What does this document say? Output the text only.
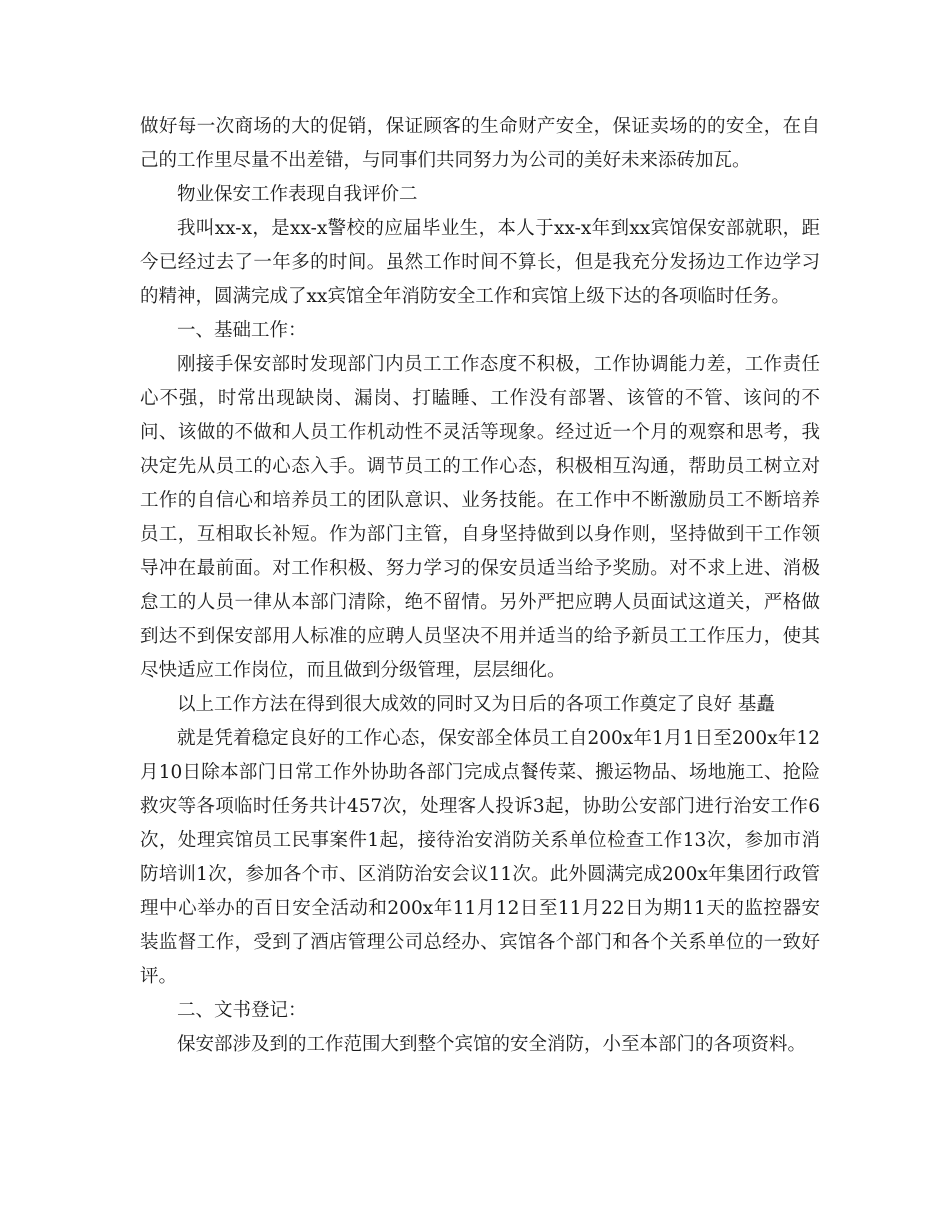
做好每一次商场的大的促销，保证顾客的生命财产安全，保证卖场的的安全，在自己的工作里尽量不出差错，与同事们共同努力为公司的美好未来添砖加瓦。

物业保安工作表现自我评价二

我叫xx-x，是xx-x警校的应届毕业生，本人于xx-x年到xx宾馆保安部就职，距今已经过去了一年多的时间。虽然工作时间不算长，但是我充分发扬边工作边学习的精神，圆满完成了xx宾馆全年消防安全工作和宾馆上级下达的各项临时任务。

一、基础工作：

刚接手保安部时发现部门内员工工作态度不积极，工作协调能力差，工作责任心不强，时常出现缺岗、漏岗、打瞌睡、工作没有部署、该管的不管、该问的不问、该做的不做和人员工作机动性不灵活等现象。经过近一个月的观察和思考，我决定先从员工的心态入手。调节员工的工作心态，积极相互沟通，帮助员工树立对工作的自信心和培养员工的团队意识、业务技能。在工作中不断激励员工不断培养员工，互相取长补短。作为部门主管，自身坚持做到以身作则，坚持做到干工作领导冲在最前面。对工作积极、努力学习的保安员适当给予奖励。对不求上进、消极怠工的人员一律从本部门清除，绝不留情。另外严把应聘人员面试这道关，严格做到达不到保安部用人标准的应聘人员坚决不用并适当的给予新员工工作压力，使其尽快适应工作岗位，而且做到分级管理，层层细化。

以上工作方法在得到很大成效的同时又为日后的各项工作奠定了良好 基矗

就是凭着稳定良好的工作心态，保安部全体员工自200x年1月1日至200x年12月10日除本部门日常工作外协助各部门完成点餐传菜、搬运物品、场地施工、抢险救灾等各项临时任务共计457次，处理客人投诉3起，协助公安部门进行治安工作6次，处理宾馆员工民事案件1起，接待治安消防关系单位检查工作13次，参加市消防培训1次，参加各个市、区消防治安会议11次。此外圆满完成200x年集团行政管理中心举办的百日安全活动和200x年11月12日至11月22日为期11天的监控器安装监督工作，受到了酒店管理公司总经办、宾馆各个部门和各个关系单位的一致好评。

二、文书登记：

保安部涉及到的工作范围大到整个宾馆的安全消防，小至本部门的各项资料。
